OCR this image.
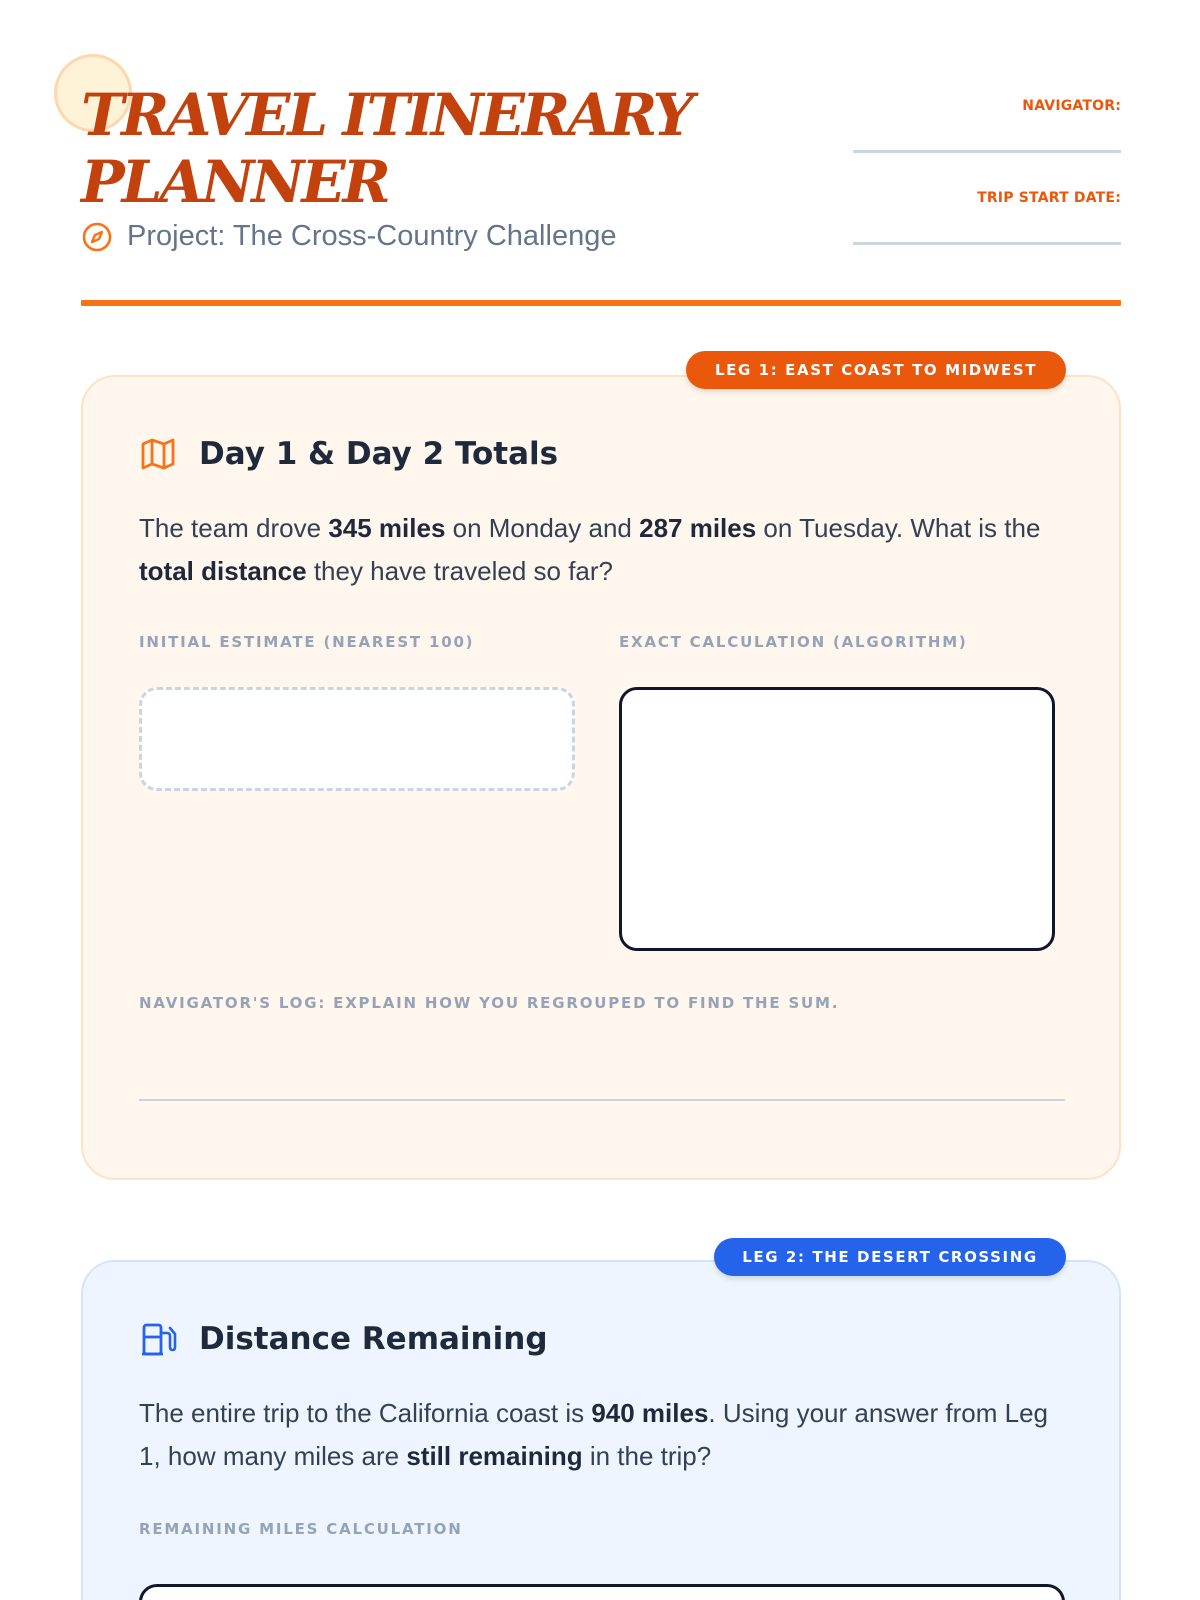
TRAVEL ITINERARY PLANNER
Project: The Cross-Country Challenge
NAVIGATOR:
TRIP START DATE:
Day 1 & Day 2 Totals

The team drove 345 miles on Monday and 287 miles on Tuesday. What is the total distance they have traveled so far?

INITIAL ESTIMATE (NEAREST 100)	EXACT CALCULATION (ALGORITHM)
NAVIGATOR'S LOG: EXPLAIN HOW YOU REGROUPED TO FIND THE SUM.
LEG 1: EAST COAST TO MIDWEST
Distance Remaining

The entire trip to the California coast is 940 miles. Using your answer from Leg 1, how many miles are still remaining in the trip?

REMAINING MILES CALCULATION
LEG 2: THE DESERT CROSSING
